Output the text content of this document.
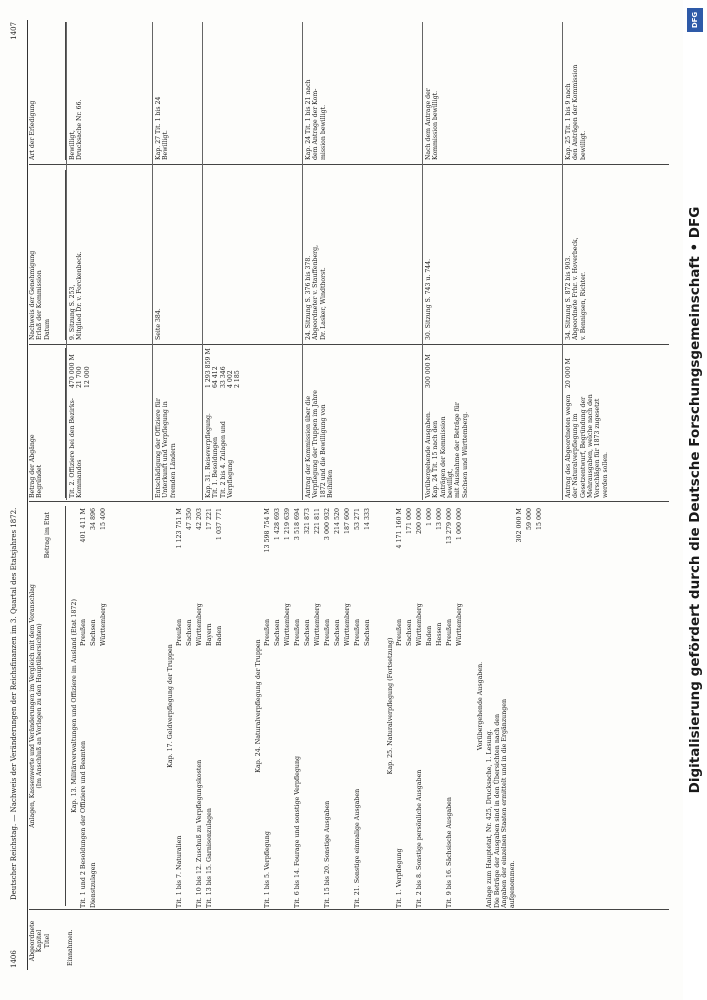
1406
Deutscher Reichstag. — Nachweis der Veränderungen der Reichsfinanzen im 3. Quartal des Etatsjahres 1872.
1407
Abgeordnete Kapitel Titel
Anlagen, Kassenwerte und Veränderungen im Vergleich mit dem Voranschlag (Im Anschluß an Vorlagen zu den Hauptübersichten)
Betrag im Etat
Betrag der Abgänge Begründet
Nachweis der Genehmigung Erlaß der Kommission Datum
Art der Erledigung
Einnahmen.
Kap. 13. Militärverwaltungen und Offiziere im Ausland (Etat 1872)
Tit. 1 und 2 Besoldungen der Offiziere und Beamten
Preußen
401 411 M
Dienstzulagen
Sachsen
34 896
Württemberg
15 400
Kap. 17. Geldverpflegung der Truppen
Tit. 1 bis 7. Naturalien
Preußen
1 123 751 M
Sachsen
47 350
Tit. 10 bis 12. Zuschuß zu Verpflegungskosten
Württemberg
42 203
Tit. 13 bis 15. Garnisonzulagen
Bayern
17 221
Baden
1 037 771
Kap. 24. Naturalverpflegung der Truppen
Tit. 1 bis 5. Verpflegung
Preußen
13 598 754 M
Sachsen
1 428 693
Württemberg
1 219 639
Tit. 6 bis 14. Fourage und sonstige Verpflegung
Preußen
3 518 694
Sachsen
321 873
Württemberg
221 811
Tit. 15 bis 20. Sonstige Ausgaben
Preußen
3 000 932
Sachsen
214 520
Württemberg
187 600
Tit. 21. Sonstige einmalige Ausgaben
Preußen
53 271
Sachsen
14 333
Kap. 25. Naturalverpflegung (Fortsetzung)
Tit. 1. Verpflegung
Preußen
4 171 160 M
Sachsen
171 000
Tit. 2 bis 8. Sonstige persönliche Ausgaben
Württemberg
200 000
Baden
1 000
Hessen
13 000
Tit. 9 bis 16. Sächsische Ausgaben
Preußen
13 279 000
Württemberg
1 000 000
Vorübergehende Ausgaben.
Anlage zum Hauptetat, Nr. 425, Drucksache, 1. Lesung.
Die Beträge der Ausgaben sind in den Übersichten nach den
Angaben der einzelnen Staaten ermittelt und in die Ergänzungen
aufgenommen.
302 000 M 59 000 15 000
Tit. 2. Offiziere bei den Bezirks-Kommandos
470 000 M
21 700
12 000
9. Sitzung S. 253,
Mitglied Dr. v. Forckenbeck.
Bewilligt,
Drucksache Nr. 66.
Entschädigung der Offiziere für Unterkunft und Verpflegung in fremden Ländern
Seite 384.
Kap. 27 Tit. 1 bis 24
Bewilligt.
Kap. 31. Reiseverpflegung.
Tit. 1. Besoldungen
Tit. 2 bis 4. Zulagen und Verpflegung
1 293 859 M
64 412
33 346
4 002
2 185
Antrag der Kommission über die Verpflegung der Truppen im Jahre 1872 und die Bewilligung von Beihilfen
24. Sitzung S. 376 bis 378.
Abgeordneter v. Stauffenberg,
Dr. Lasker, Windthorst.
Kap. 24 Tit. 1 bis 21 nach
dem Antrage der Kom-
mission bewilligt.
Vorübergehende Ausgaben.
Kap. 24 Tit. 15 nach den Anträgen der Kommission bewilligt,
mit Ausnahme der Beträge für Sachsen und Württemberg.
300 000 M
30. Sitzung S. 743 u. 744.
Nach dem Antrage der
Kommission bewilligt.
Antrag des Abgeordneten wegen der Naturalverpflegung im Gesetzentwurf, Begründung der Mehrausgaben, welche nach den Vorschlägen für 1873 zugesetzt werden sollen.
20 000 M
34. Sitzung S. 872 bis 903.
Abgeordnete Frhr. v. Hoverbeck,
v. Bennigsen, Richter.
Kap. 25 Tit. 1 bis 9 nach
den Anträgen der Kommission
bewilligt.
Digitalisierung gefördert durch die Deutsche Forschungsgemeinschaft • DFG
DFG
